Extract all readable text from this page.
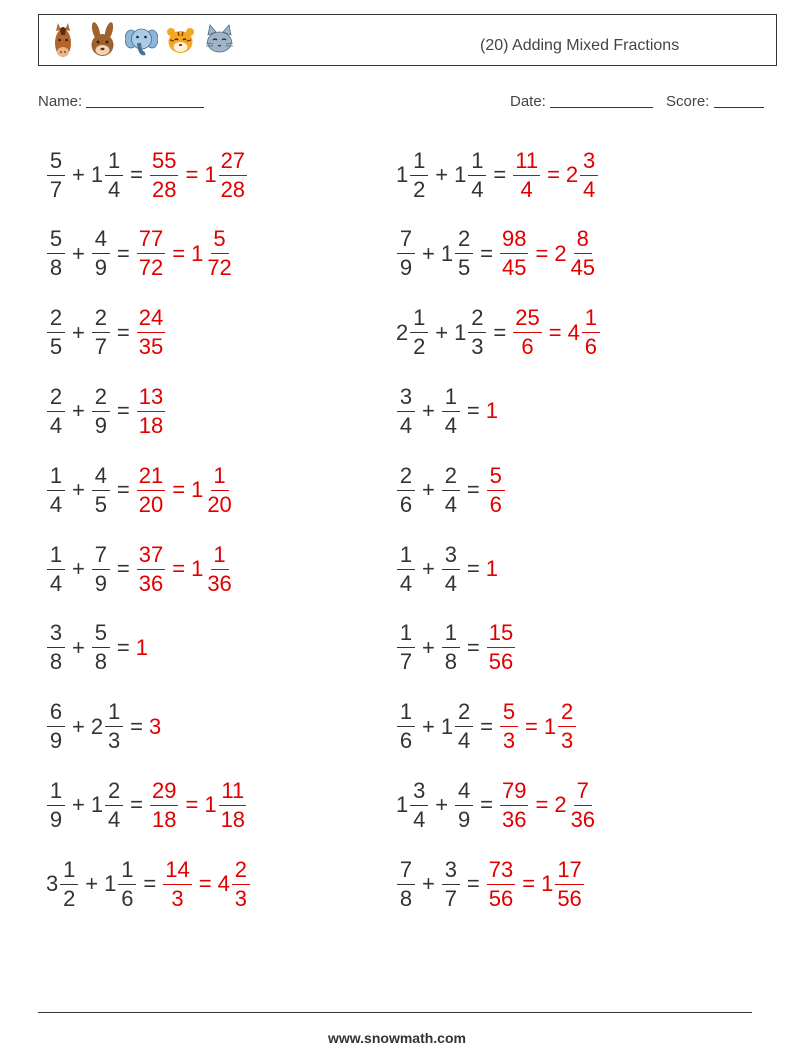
(20) Adding Mixed Fractions
Name:	Date:	Score:
$\frac{5}{7} + 1 \frac{1}{4} = \frac{55}{28} = 1 \frac{27}{28}$
$\frac{5}{8} + \frac{4}{9} = \frac{77}{72} = 1 \frac{5}{72}$
$\frac{2}{5} + \frac{2}{7} = \frac{24}{35}$
$\frac{2}{4} + \frac{2}{9} = \frac{13}{18}$
$\frac{1}{4} + \frac{4}{5} = \frac{21}{20} = 1 \frac{1}{20}$
$\frac{1}{4} + \frac{7}{9} = \frac{37}{36} = 1 \frac{1}{36}$
$\frac{3}{8} + \frac{5}{8} = 1$
$\frac{6}{9} + 2 \frac{1}{3} = 3$
$\frac{1}{9} + 1 \frac{2}{4} = \frac{29}{18} = 1 \frac{11}{18}$
$3 \frac{1}{2} + 1 \frac{1}{6} = \frac{14}{3} = 4 \frac{2}{3}$
$1 \frac{1}{2} + 1 \frac{1}{4} = \frac{11}{4} = 2 \frac{3}{4}$
$\frac{7}{9} + 1 \frac{2}{5} = \frac{98}{45} = 2 \frac{8}{45}$
$2 \frac{1}{2} + 1 \frac{2}{3} = \frac{25}{6} = 4 \frac{1}{6}$
$\frac{3}{4} + \frac{1}{4} = 1$
$\frac{2}{6} + \frac{2}{4} = \frac{5}{6}$
$\frac{1}{4} + \frac{3}{4} = 1$
$\frac{1}{7} + \frac{1}{8} = \frac{15}{56}$
$\frac{1}{6} + 1 \frac{2}{4} = \frac{5}{3} = 1 \frac{2}{3}$
$1 \frac{3}{4} + \frac{4}{9} = \frac{79}{36} = 2 \frac{7}{36}$
$\frac{7}{8} + \frac{3}{7} = \frac{73}{56} = 1 \frac{17}{56}$
www.snowmath.com
